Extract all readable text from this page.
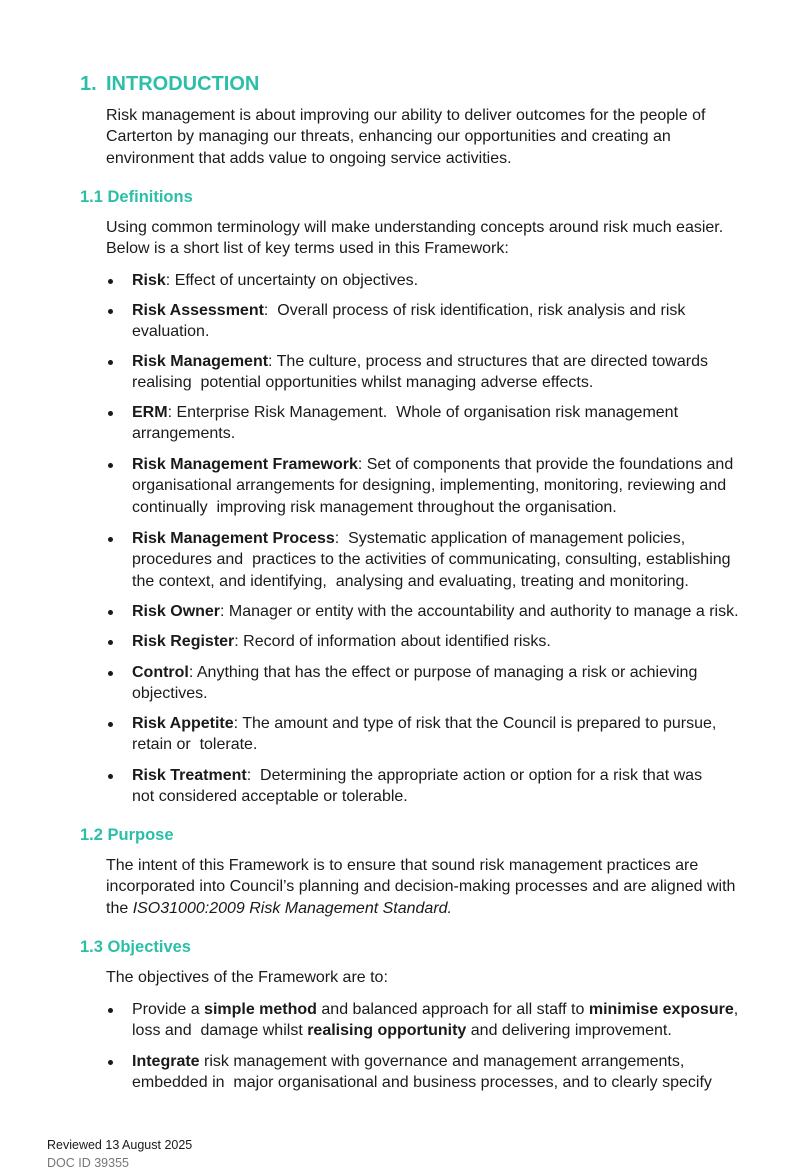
1. INTRODUCTION
Risk management is about improving our ability to deliver outcomes for the people of
Carterton by managing our threats, enhancing our opportunities and creating an
environment that adds value to ongoing service activities.
1.1 Definitions
Using common terminology will make understanding concepts around risk much easier.
Below is a short list of key terms used in this Framework:
Risk: Effect of uncertainty on objectives.
Risk Assessment:  Overall process of risk identification, risk analysis and risk
evaluation.
Risk Management: The culture, process and structures that are directed towards
realising  potential opportunities whilst managing adverse effects.
ERM: Enterprise Risk Management.  Whole of organisation risk management
arrangements.
Risk Management Framework: Set of components that provide the foundations and
organisational arrangements for designing, implementing, monitoring, reviewing and
continually  improving risk management throughout the organisation.
Risk Management Process:  Systematic application of management policies,
procedures and  practices to the activities of communicating, consulting, establishing
the context, and identifying,  analysing and evaluating, treating and monitoring.
Risk Owner: Manager or entity with the accountability and authority to manage a risk.
Risk Register: Record of information about identified risks.
Control: Anything that has the effect or purpose of managing a risk or achieving
objectives.
Risk Appetite: The amount and type of risk that the Council is prepared to pursue,
retain or  tolerate.
Risk Treatment:  Determining the appropriate action or option for a risk that was
not considered acceptable or tolerable.
1.2 Purpose
The intent of this Framework is to ensure that sound risk management practices are
incorporated into Council’s planning and decision-making processes and are aligned with
the ISO31000:2009 Risk Management Standard.
1.3 Objectives
The objectives of the Framework are to:
Provide a simple method and balanced approach for all staff to minimise exposure,
loss and  damage whilst realising opportunity and delivering improvement.
Integrate risk management with governance and management arrangements,
embedded in  major organisational and business processes, and to clearly specify
Reviewed 13 August 2025
DOC ID 39355
